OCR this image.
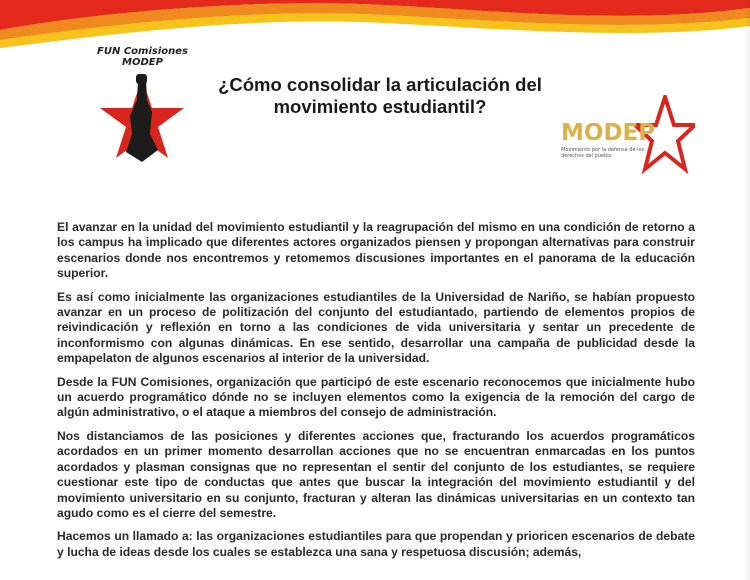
FUN Comisiones
MODEP
¿Cómo consolidar la articulación del movimiento estudiantil?
MODEP
Movimiento por la defensa de los derechos del pueblo

El avanzar en la unidad del movimiento estudiantil y la reagrupación del mismo en una condición de retorno a los campus ha implicado que diferentes actores organizados piensen y propongan alternativas para construir escenarios donde nos encontremos y retomemos discusiones importantes en el panorama de la educación superior.

Es así como inicialmente las organizaciones estudiantiles de la Universidad de Nariño, se habían propuesto avanzar en un proceso de politización del conjunto del estudiantado, partiendo de elementos propios de reivindicación y reflexión en torno a las condiciones de vida universitaria y sentar un precedente de inconformismo con algunas dinámicas. En ese sentido, desarrollar una campaña de publicidad desde la empapelaton de algunos escenarios al interior de la universidad.

Desde la FUN Comisiones, organización que participó de este escenario reconocemos que inicialmente hubo un acuerdo programático dónde no se incluyen elementos como la exigencia de la remoción del cargo de algún administrativo, o el ataque a miembros del consejo de administración.

Nos distanciamos de las posiciones y diferentes acciones que, fracturando los acuerdos programáticos acordados en un primer momento desarrollan acciones que no se encuentran enmarcadas en los puntos acordados y plasman consignas que no representan el sentir del conjunto de los estudiantes, se requiere cuestionar este tipo de conductas que antes que buscar la integración del movimiento estudiantil y del movimiento universitario en su conjunto, fracturan y alteran las dinámicas universitarias en un contexto tan agudo como es el cierre del semestre.

Hacemos un llamado a: las organizaciones estudiantiles para que propendan y prioricen escenarios de debate y lucha de ideas desde los cuales se establezca una sana y respetuosa discusión; además,
